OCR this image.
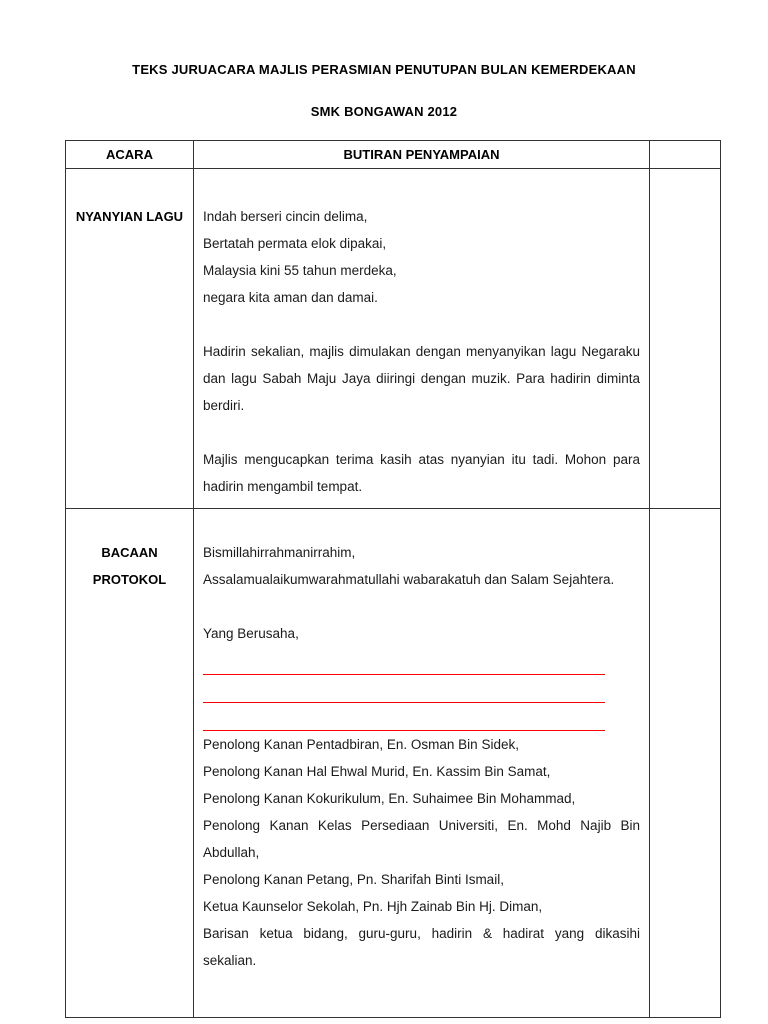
TEKS JURUACARA MAJLIS PERASMIAN PENUTUPAN BULAN KEMERDEKAAN
SMK BONGAWAN 2012
ACARA	BUTIRAN PENYAMPAIAN
NYANYIAN LAGU	Indah berseri cincin delima,
Bertatah permata elok dipakai,
Malaysia kini 55 tahun merdeka,
negara kita aman dan damai.
Hadirin sekalian, majlis dimulakan dengan menyanyikan lagu Negaraku dan lagu Sabah Maju Jaya diiringi dengan muzik. Para hadirin diminta berdiri.
Majlis mengucapkan terima kasih atas nyanyian itu tadi. Mohon para hadirin mengambil tempat.
BACAAN
PROTOKOL
Bismillahirrahmanirrahim,
Assalamualaikumwarahmatullahi wabarakatuh dan Salam Sejahtera.
Yang Berusaha,
Penolong Kanan Pentadbiran, En. Osman Bin Sidek,
Penolong Kanan Hal Ehwal Murid, En. Kassim Bin Samat,
Penolong Kanan Kokurikulum, En. Suhaimee Bin Mohammad,
Penolong Kanan Kelas Persediaan Universiti, En. Mohd Najib Bin Abdullah,
Penolong Kanan Petang, Pn. Sharifah Binti Ismail,
Ketua Kaunselor Sekolah, Pn. Hjh Zainab Bin Hj. Diman,
Barisan ketua bidang, guru-guru, hadirin & hadirat yang dikasihi sekalian.
